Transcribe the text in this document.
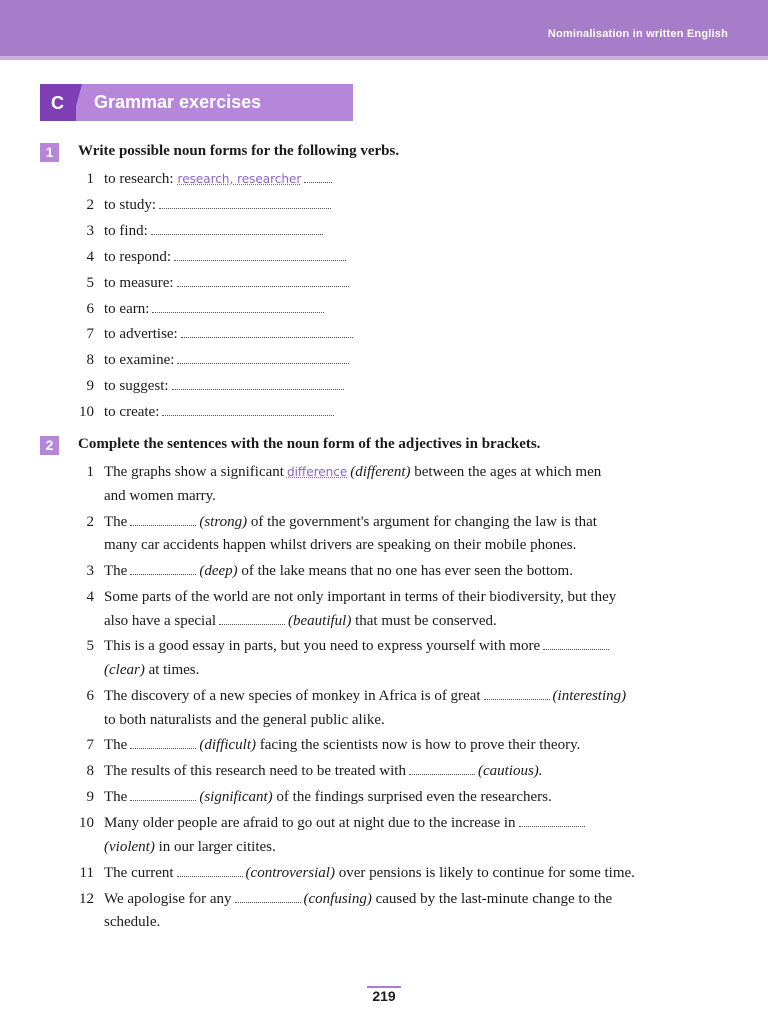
Nominalisation in written English
C Grammar exercises
1	Write possible noun forms for the following verbs.
1 to research: research, researcher
2 to study:
3 to find:
4 to respond:
5 to measure:
6 to earn:
7 to advertise:
8 to examine:
9 to suggest:
10 to create:
2	Complete the sentences with the noun form of the adjectives in brackets.
1 The graphs show a significant difference (different) between the ages at which men
and women marry.
2 The	(strong) of the government's argument for changing the law is that
many car accidents happen whilst drivers are speaking on their mobile phones.
3 The	(deep) of the lake means that no one has ever seen the bottom.
4 Some parts of the world are not only important in terms of their biodiversity, but they
also have a special	(beautiful) that must be conserved.
5 This is a good essay in parts, but you need to express yourself with more
(clear) at times.
6 The discovery of a new species of monkey in Africa is of great	(interesting)
to both naturalists and the general public alike.
7 The	(difficult) facing the scientists now is how to prove their theory.
8 The results of this research need to be treated with	(cautious).
9 The	(significant) of the findings surprised even the researchers.
10 Many older people are afraid to go out at night due to the increase in
(violent) in our larger citites.
11 The current	(controversial) over pensions is likely to continue for some time.
12 We apologise for any	(confusing) caused by the last-minute change to the
schedule.
219
